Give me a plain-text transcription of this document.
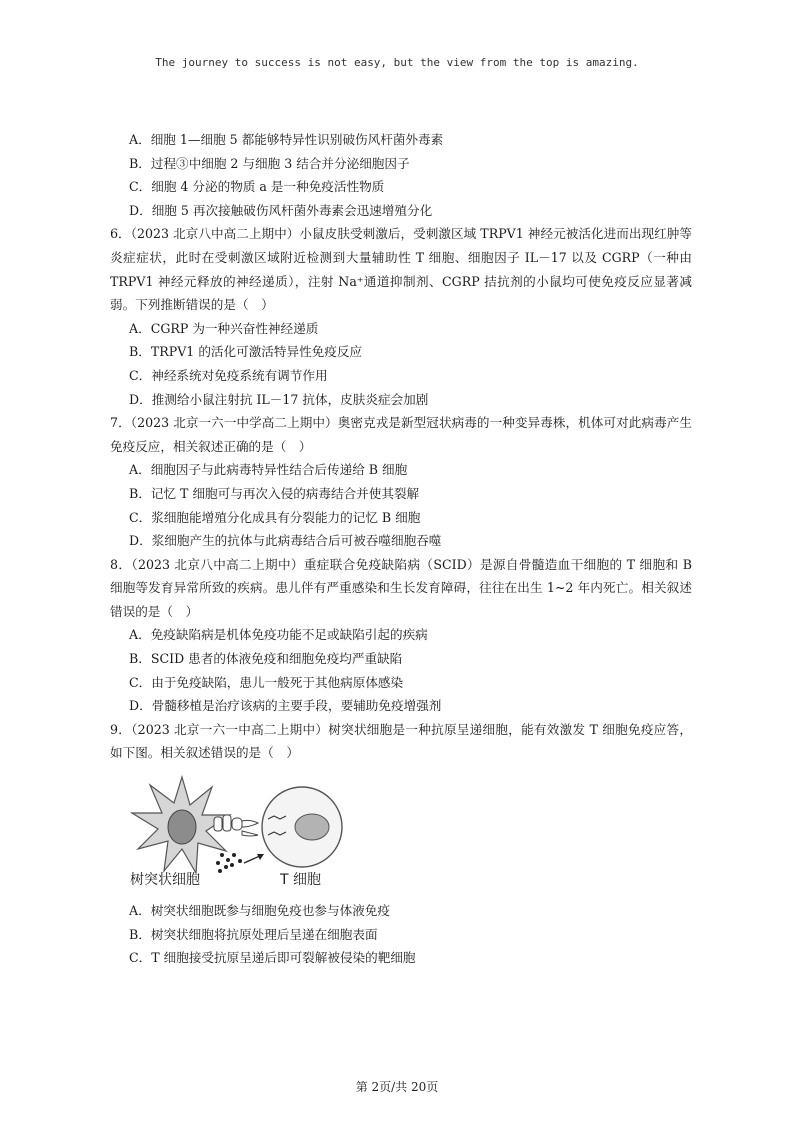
The journey to success is not easy, but the view from the top is amazing.
A．细胞 1—细胞 5 都能够特异性识别破伤风杆菌外毒素
B．过程③中细胞 2 与细胞 3 结合并分泌细胞因子
C．细胞 4 分泌的物质 a 是一种免疫活性物质
D．细胞 5 再次接触破伤风杆菌外毒素会迅速增殖分化
6．（2023 北京八中高二上期中）小鼠皮肤受刺激后，受刺激区域 TRPV1 神经元被活化进而出现红肿等炎症症状，此时在受刺激区域附近检测到大量辅助性 T 细胞、细胞因子 IL－17 以及 CGRP（一种由 TRPV1 神经元释放的神经递质），注射 Na⁺通道抑制剂、CGRP 拮抗剂的小鼠均可使免疫反应显著减弱。下列推断错误的是（　）
A．CGRP 为一种兴奋性神经递质
B．TRPV1 的活化可激活特异性免疫反应
C．神经系统对免疫系统有调节作用
D．推测给小鼠注射抗 IL－17 抗体，皮肤炎症会加剧
7．（2023 北京一六一中学高二上期中）奥密克戎是新型冠状病毒的一种变异毒株，机体可对此病毒产生免疫反应，相关叙述正确的是（　）
A．细胞因子与此病毒特异性结合后传递给 B 细胞
B．记忆 T 细胞可与再次入侵的病毒结合并使其裂解
C．浆细胞能增殖分化成具有分裂能力的记忆 B 细胞
D．浆细胞产生的抗体与此病毒结合后可被吞噬细胞吞噬
8．（2023 北京八中高二上期中）重症联合免疫缺陷病（SCID）是源自骨髓造血干细胞的 T 细胞和 B 细胞等发育异常所致的疾病。患儿伴有严重感染和生长发育障碍，往往在出生 1~2 年内死亡。相关叙述错误的是（　）
A．免疫缺陷病是机体免疫功能不足或缺陷引起的疾病
B．SCID 患者的体液免疫和细胞免疫均严重缺陷
C．由于免疫缺陷，患儿一般死于其他病原体感染
D．骨髓移植是治疗该病的主要手段，要辅助免疫增强剂
9．（2023 北京一六一中高二上期中）树突状细胞是一种抗原呈递细胞，能有效激发 T 细胞免疫应答，如下图。相关叙述错误的是（　）
树突状细胞	T 细胞
A．树突状细胞既参与细胞免疫也参与体液免疫
B．树突状细胞将抗原处理后呈递在细胞表面
C．T 细胞接受抗原呈递后即可裂解被侵染的靶细胞
第 2页/共 20页
